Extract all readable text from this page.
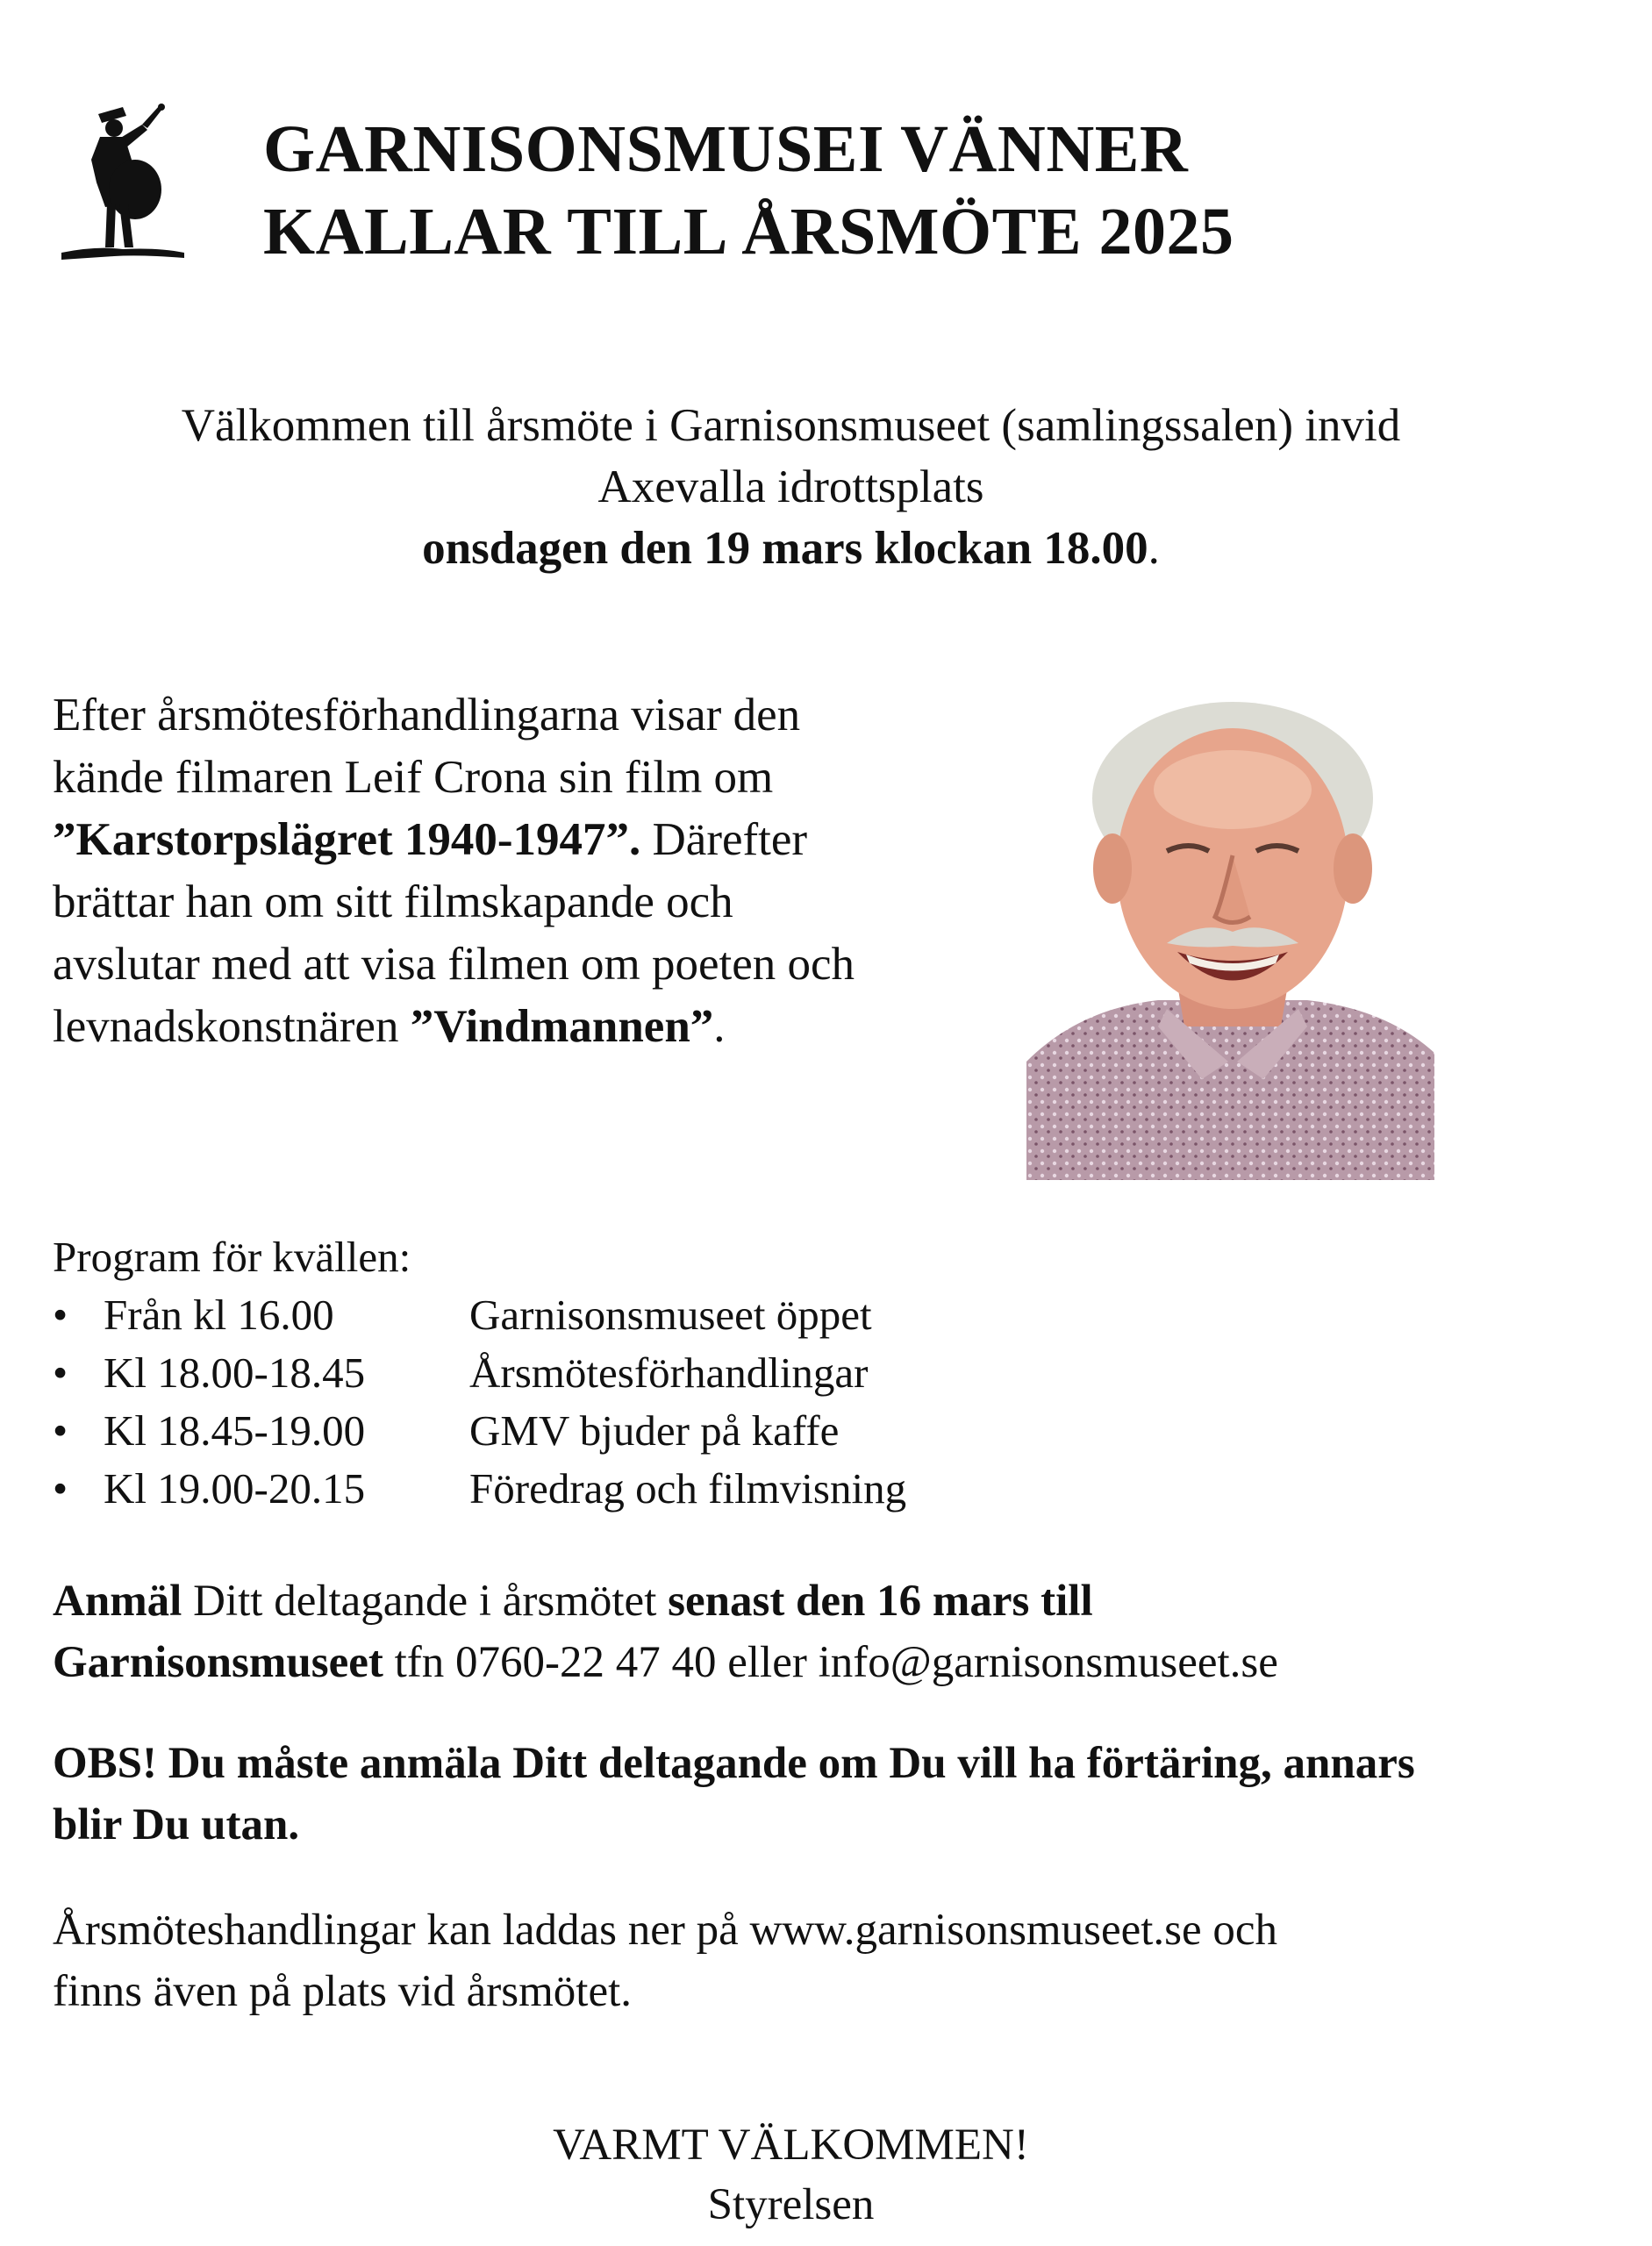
GARNISONSMUSEI VÄNNER
KALLAR TILL ÅRSMÖTE 2025
Välkommen till årsmöte i Garnisonsmuseet (samlingssalen) invid
Axevalla idrottsplats
onsdagen den 19 mars klockan 18.00.
Efter årsmötesförhandlingarna visar den
kände filmaren Leif Crona sin film om
”Karstorpslägret 1940-1947”. Därefter
brättar han om sitt filmskapande och
avslutar med att visa filmen om poeten och
levnadskonstnären ”Vindmannen”.
Program för kvällen:
• Från kl 16.00	Garnisonsmuseet öppet
• Kl 18.00-18.45 Årsmötesförhandlingar
• Kl 18.45-19.00 GMV bjuder på kaffe
• Kl 19.00-20.15 Föredrag och filmvisning
Anmäl Ditt deltagande i årsmötet senast den 16 mars till
Garnisonsmuseet tfn 0760-22 47 40 eller info@garnisonsmuseet.se
OBS! Du måste anmäla Ditt deltagande om Du vill ha förtäring, annars
blir Du utan.
Årsmöteshandlingar kan laddas ner på www.garnisonsmuseet.se och
finns även på plats vid årsmötet.
VARMT VÄLKOMMEN!
Styrelsen
